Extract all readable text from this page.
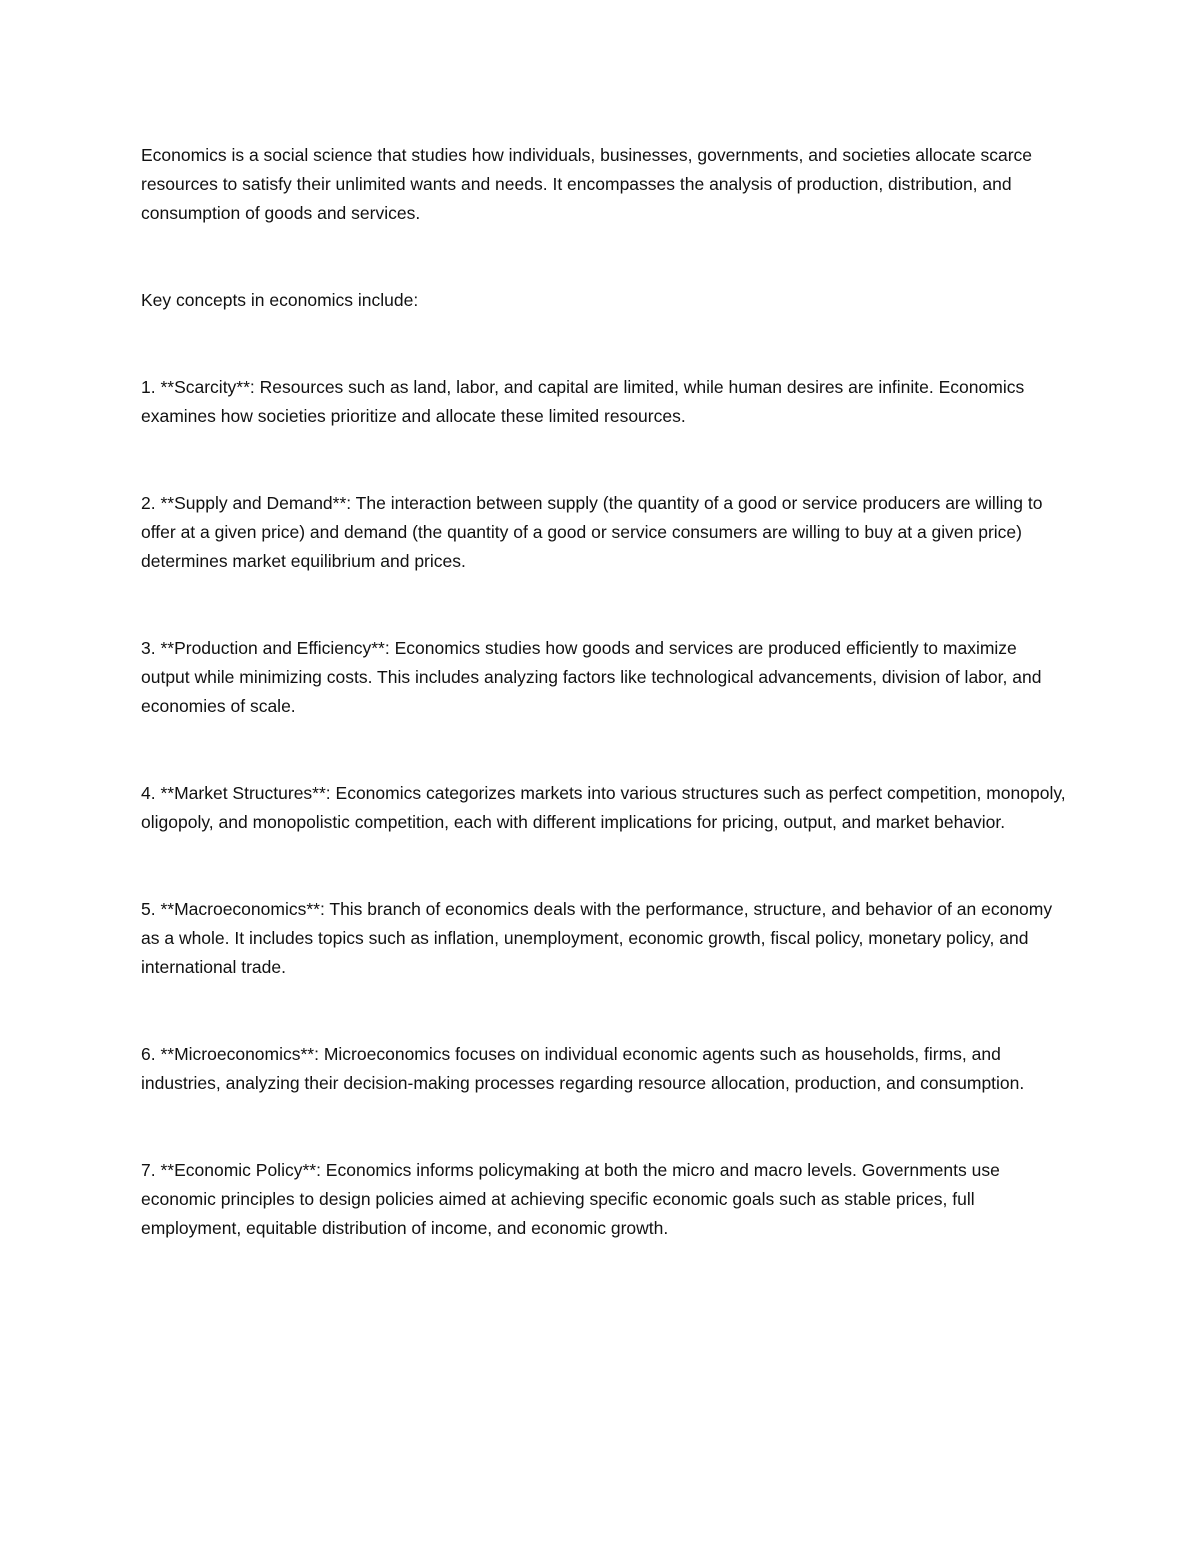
Economics is a social science that studies how individuals, businesses, governments, and societies allocate scarce resources to satisfy their unlimited wants and needs. It encompasses the analysis of production, distribution, and consumption of goods and services.

Key concepts in economics include:

1. **Scarcity**: Resources such as land, labor, and capital are limited, while human desires are infinite. Economics examines how societies prioritize and allocate these limited resources.

2. **Supply and Demand**: The interaction between supply (the quantity of a good or service producers are willing to offer at a given price) and demand (the quantity of a good or service consumers are willing to buy at a given price) determines market equilibrium and prices.

3. **Production and Efficiency**: Economics studies how goods and services are produced efficiently to maximize output while minimizing costs. This includes analyzing factors like technological advancements, division of labor, and economies of scale.

4. **Market Structures**: Economics categorizes markets into various structures such as perfect competition, monopoly, oligopoly, and monopolistic competition, each with different implications for pricing, output, and market behavior.

5. **Macroeconomics**: This branch of economics deals with the performance, structure, and behavior of an economy as a whole. It includes topics such as inflation, unemployment, economic growth, fiscal policy, monetary policy, and international trade.

6. **Microeconomics**: Microeconomics focuses on individual economic agents such as households, firms, and industries, analyzing their decision-making processes regarding resource allocation, production, and consumption.

7. **Economic Policy**: Economics informs policymaking at both the micro and macro levels. Governments use economic principles to design policies aimed at achieving specific economic goals such as stable prices, full employment, equitable distribution of income, and economic growth.
